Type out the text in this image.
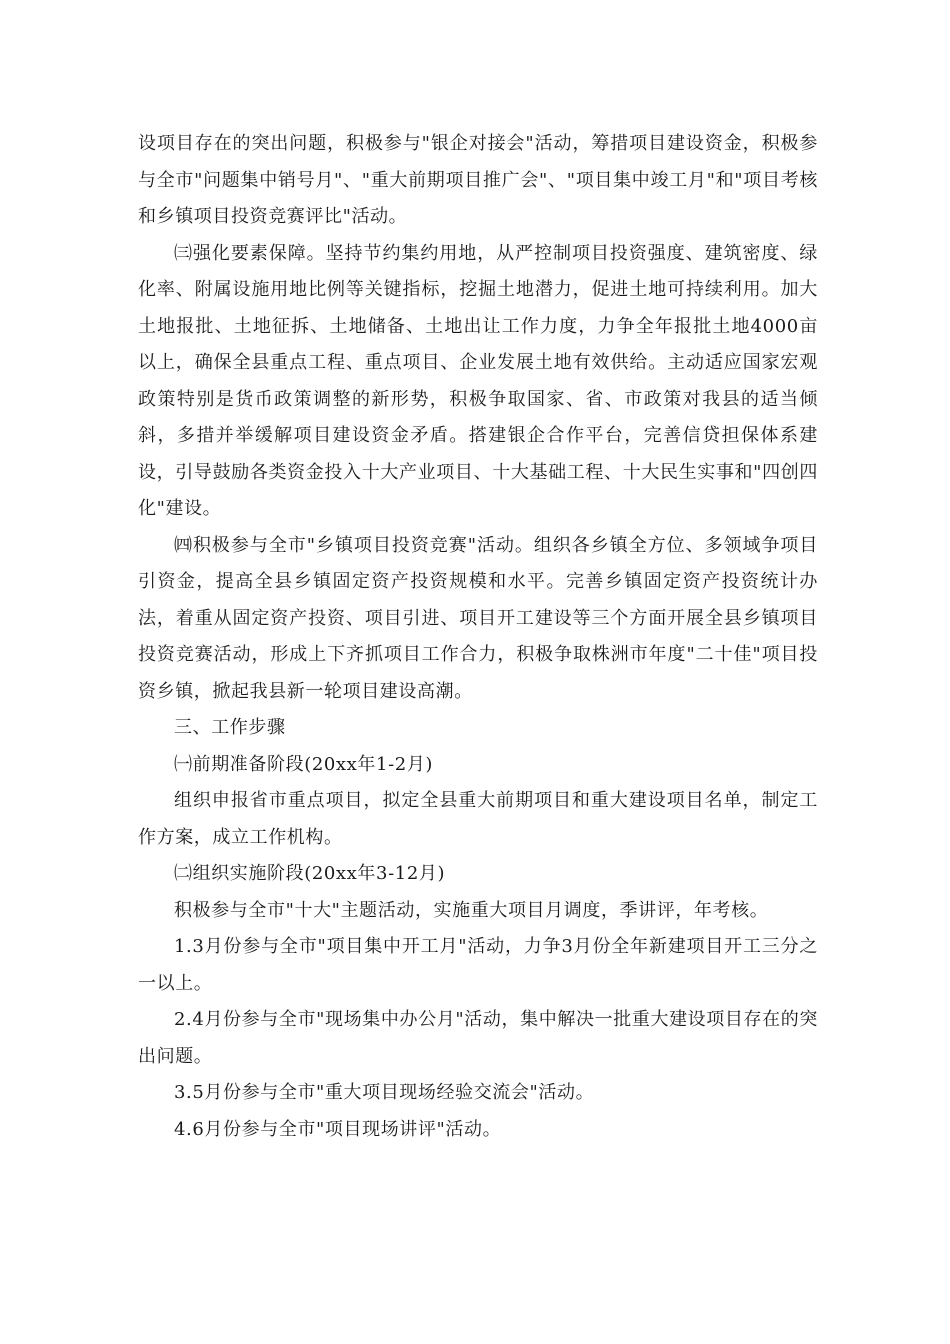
设项目存在的突出问题，积极参与"银企对接会"活动，筹措项目建设资金，积极参与全市"问题集中销号月"、"重大前期项目推广会"、"项目集中竣工月"和"项目考核和乡镇项目投资竞赛评比"活动。

㈢强化要素保障。坚持节约集约用地，从严控制项目投资强度、建筑密度、绿化率、附属设施用地比例等关键指标，挖掘土地潜力，促进土地可持续利用。加大土地报批、土地征拆、土地储备、土地出让工作力度，力争全年报批土地4000亩以上，确保全县重点工程、重点项目、企业发展土地有效供给。主动适应国家宏观政策特别是货币政策调整的新形势，积极争取国家、省、市政策对我县的适当倾斜，多措并举缓解项目建设资金矛盾。搭建银企合作平台，完善信贷担保体系建设，引导鼓励各类资金投入十大产业项目、十大基础工程、十大民生实事和"四创四化"建设。

㈣积极参与全市"乡镇项目投资竞赛"活动。组织各乡镇全方位、多领域争项目引资金，提高全县乡镇固定资产投资规模和水平。完善乡镇固定资产投资统计办法，着重从固定资产投资、项目引进、项目开工建设等三个方面开展全县乡镇项目投资竞赛活动，形成上下齐抓项目工作合力，积极争取株洲市年度"二十佳"项目投资乡镇，掀起我县新一轮项目建设高潮。

三、工作步骤

㈠前期准备阶段(20xx年1-2月)

组织申报省市重点项目，拟定全县重大前期项目和重大建设项目名单，制定工作方案，成立工作机构。

㈡组织实施阶段(20xx年3-12月)

积极参与全市"十大"主题活动，实施重大项目月调度，季讲评，年考核。

1.3月份参与全市"项目集中开工月"活动，力争3月份全年新建项目开工三分之一以上。

2.4月份参与全市"现场集中办公月"活动，集中解决一批重大建设项目存在的突出问题。

3.5月份参与全市"重大项目现场经验交流会"活动。

4.6月份参与全市"项目现场讲评"活动。
